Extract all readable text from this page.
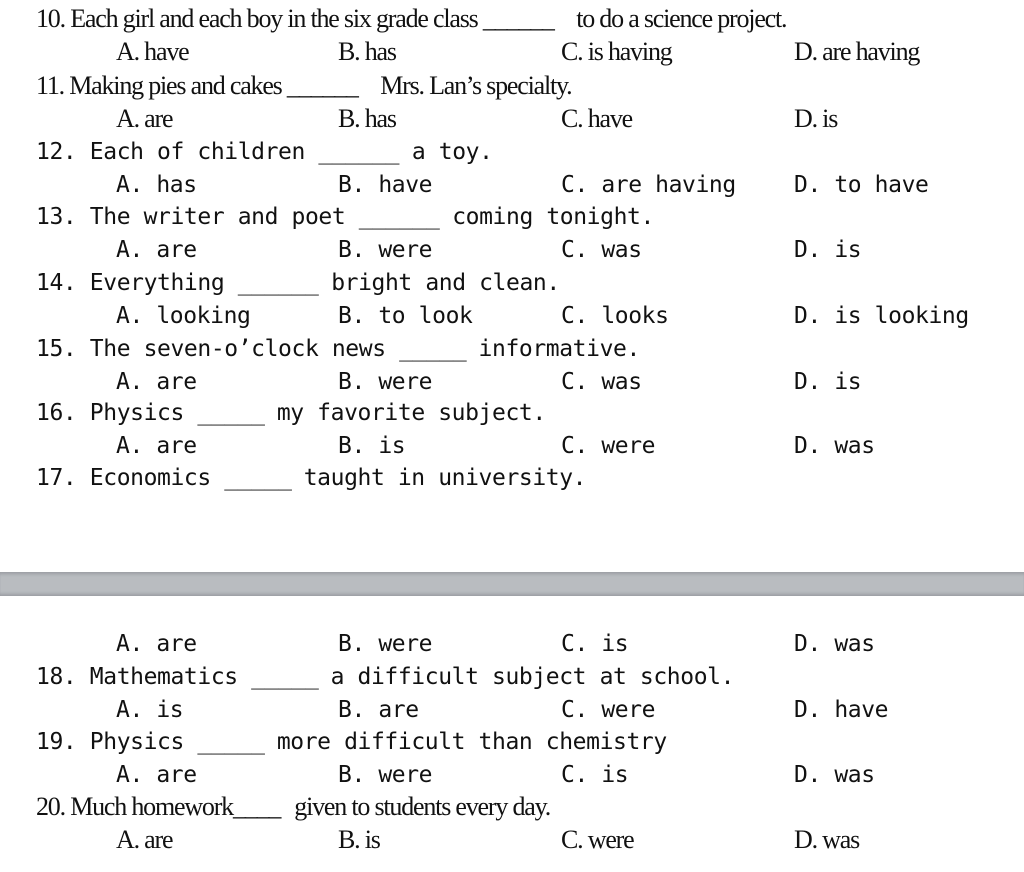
10. Each girl and each boy in the six grade class ______ to do a science project.
A. have	B. has	C. is having	D. are having
11. Making pies and cakes ______ Mrs. Lan’s specialty.
A. are	B. has	C. have	D. is
12. Each of children ______ a toy.
A. has	B. have	C. are having	D. to have
13. The writer and poet ______ coming tonight.
A. are	B. were	C. was	D. is
14. Everything ______ bright and clean.
A. looking	B. to look	C. looks	D. is looking
15. The seven-o’clock news _____ informative.
A. are	B. were	C. was	D. is
16. Physics _____ my favorite subject.
A. are	B. is	C. were	D. was
17. Economics _____ taught in university.
A. are	B. were	C. is	D. was
18. Mathematics _____ a difficult subject at school.
A. is	B. are	C. were	D. have
19. Physics _____ more difficult than chemistry
A. are	B. were	C. is	D. was
20. Much homework____ given to students every day.
A. are	B. is	C. were	D. was
